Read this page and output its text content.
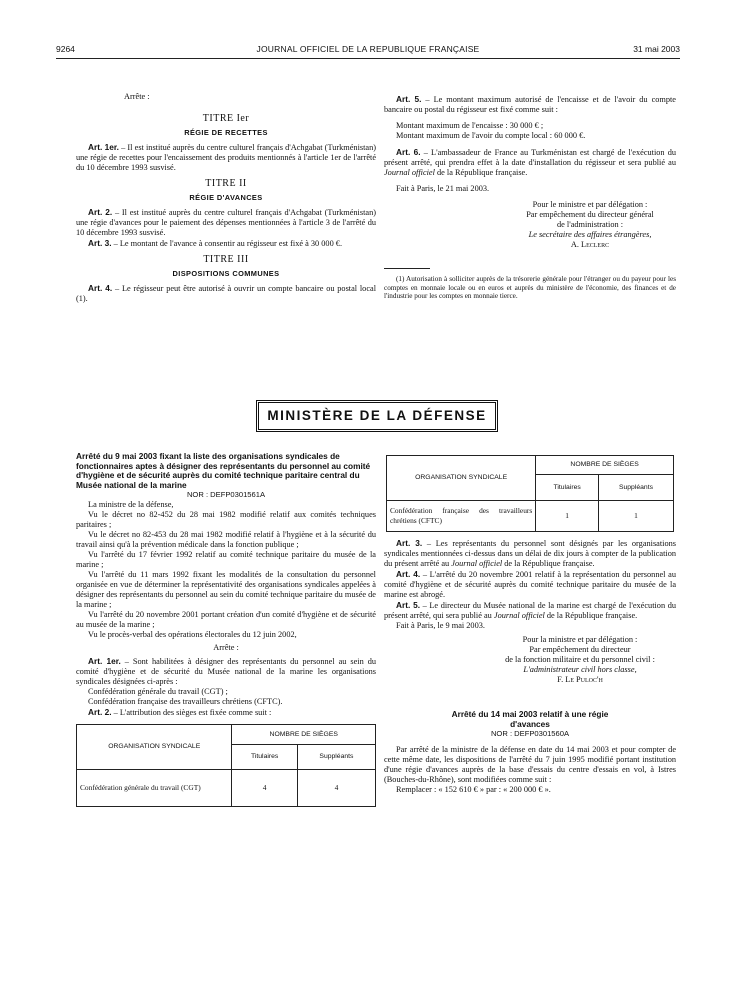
9264	JOURNAL OFFICIEL DE LA REPUBLIQUE FRANÇAISE	31 mai 2003

Arrête :

TITRE Ier
RÉGIE DE RECETTES

Art. 1er. – Il est institué auprès du centre culturel français d'Achgabat (Turkménistan) une régie de recettes pour l'encaissement des produits mentionnés à l'article 1er de l'arrêté du 10 décembre 1993 susvisé.

TITRE II
RÉGIE D'AVANCES

Art. 2. – Il est institué auprès du centre culturel français d'Achgabat (Turkménistan) une régie d'avances pour le paiement des dépenses mentionnées à l'article 3 de l'arrêté du 10 décembre 1993 susvisé.

Art. 3. – Le montant de l'avance à consentir au régisseur est fixé à 30 000 €.

TITRE III
DISPOSITIONS COMMUNES

Art. 4. – Le régisseur peut être autorisé à ouvrir un compte bancaire ou postal local (1).

Art. 5. – Le montant maximum autorisé de l'encaisse et de l'avoir du compte bancaire ou postal du régisseur est fixé comme suit :

Montant maximum de l'encaisse : 30 000 € ;

Montant maximum de l'avoir du compte local : 60 000 €.

Art. 6. – L'ambassadeur de France au Turkménistan est chargé de l'exécution du présent arrêté, qui prendra effet à la date d'installation du régisseur et sera publié au Journal officiel de la République française.

Fait à Paris, le 21 mai 2003.

Pour le ministre et par délégation :

Par empêchement du directeur général

de l'administration :

Le secrétaire des affaires étrangères,

A. Leclerc

(1) Autorisation à solliciter auprès de la trésorerie générale pour l'étranger ou du payeur pour les comptes en monnaie locale ou en euros et auprès du ministère de l'économie, des finances et de l'industrie pour les comptes en monnaie tierce.

MINISTÈRE DE LA DÉFENSE

Arrêté du 9 mai 2003 fixant la liste des organisations syndicales de fonctionnaires aptes à désigner des représentants du personnel au comité d'hygiène et de sécurité auprès du comité technique paritaire central du Musée national de la marine

NOR : DEFP0301561A

La ministre de la défense,

Vu le décret no 82-452 du 28 mai 1982 modifié relatif aux comités techniques paritaires ;

Vu le décret no 82-453 du 28 mai 1982 modifié relatif à l'hygiène et à la sécurité du travail ainsi qu'à la prévention médicale dans la fonction publique ;

Vu l'arrêté du 17 février 1992 relatif au comité technique paritaire du musée de la marine ;

Vu l'arrêté du 11 mars 1992 fixant les modalités de la consultation du personnel organisée en vue de déterminer la représentativité des organisations syndicales appelées à désigner des représentants du personnel au sein du comité technique paritaire du musée de la marine ;

Vu l'arrêté du 20 novembre 2001 portant création d'un comité d'hygiène et de sécurité au musée de la marine ;

Vu le procès-verbal des opérations électorales du 12 juin 2002,

Arrête :

Art. 1er. – Sont habilitées à désigner des représentants du personnel au sein du comité d'hygiène et de sécurité du Musée national de la marine les organisations syndicales désignées ci-après :

Confédération générale du travail (CGT) ;

Confédération française des travailleurs chrétiens (CFTC).

Art. 2. – L'attribution des sièges est fixée comme suit :

ORGANISATION SYNDICALE	NOMBRE DE SIÈGES	
	Titulaires	Suppléants
Confédération générale du travail (CGT)	4	4
ORGANISATION SYNDICALE	NOMBRE DE SIÈGES	
	Titulaires	Suppléants
Confédération française des travailleurs chrétiens (CFTC)	1	1

Art. 3. – Les représentants du personnel sont désignés par les organisations syndicales mentionnées ci-dessus dans un délai de dix jours à compter de la publication du présent arrêté au Journal officiel de la République française.

Art. 4. – L'arrêté du 20 novembre 2001 relatif à la représentation du personnel au comité d'hygiène et de sécurité auprès du comité technique paritaire du musée de la marine est abrogé.

Art. 5. – Le directeur du Musée national de la marine est chargé de l'exécution du présent arrêté, qui sera publié au Journal officiel de la République française.

Fait à Paris, le 9 mai 2003.

Pour la ministre et par délégation :

Par empêchement du directeur

de la fonction militaire et du personnel civil :

L'administrateur civil hors classe,

F. Le Puloc'h

Arrêté du 14 mai 2003 relatif à une régie d'avances

NOR : DEFP0301560A

Par arrêté de la ministre de la défense en date du 14 mai 2003 et pour compter de cette même date, les dispositions de l'arrêté du 7 juin 1995 modifié portant institution d'une régie d'avances auprès de la base d'essais du centre d'essais en vol, à Istres (Bouches-du-Rhône), sont modifiées comme suit :

Remplacer : « 152 610 € » par : « 200 000 € ».
